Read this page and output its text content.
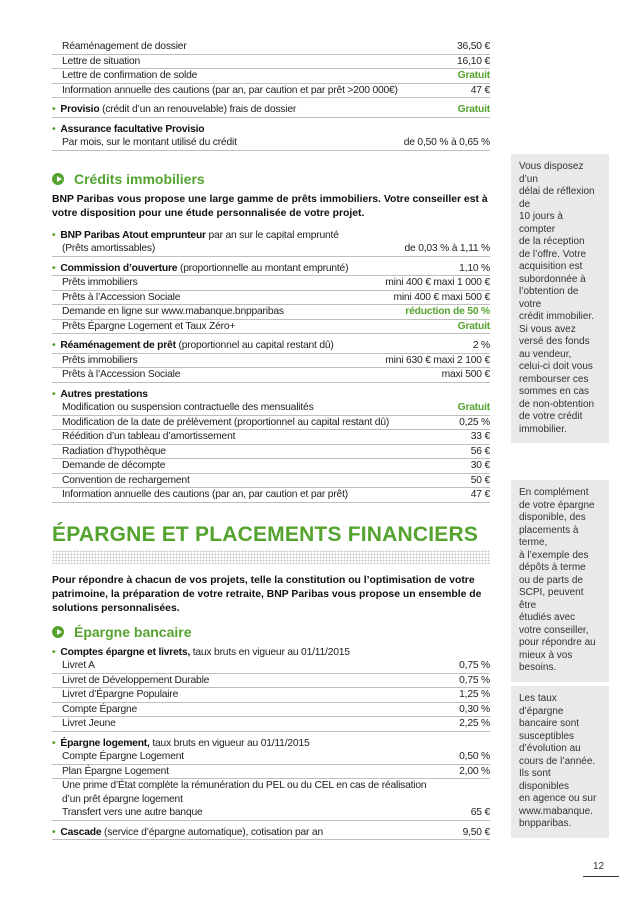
Réaménagement de dossier	36,50 €
Lettre de situation	16,10 €
Lettre de confirmation de solde	Gratuit
Information annuelle des cautions (par an, par caution et par prêt >200 000€)	47 €
• Provisio (crédit d’un an renouvelable) frais de dossier	Gratuit
• Assurance facultative Provisio
Par mois, sur le montant utilisé du crédit	de 0,50 % à 0,65 %
Crédits immobiliers
BNP Paribas vous propose une large gamme de prêts immobiliers. Votre conseiller est à votre disposition pour une étude personnalisée de votre projet.
• BNP Paribas Atout emprunteur par an sur le capital emprunté
(Prêts amortissables)	de 0,03 % à 1,11 %
• Commission d’ouverture (proportionnelle au montant emprunté)	1,10 %
Prêts immobiliers	mini 400 € maxi 1 000 €
Prêts à l’Accession Sociale	mini 400 € maxi 500 €
Demande en ligne sur www.mabanque.bnpparibas	réduction de 50 %
Prêts Épargne Logement et Taux Zéro+	Gratuit
• Réaménagement de prêt (proportionnel au capital restant dû)	2 %
Prêts immobiliers	mini 630 € maxi 2 100 €
Prêts à l’Accession Sociale	maxi 500 €
• Autres prestations
Modification ou suspension contractuelle des mensualités	Gratuit
Modification de la date de prélèvement (proportionnel au capital restant dû)	0,25 %
Réédition d’un tableau d’amortissement	33 €
Radiation d’hypothèque	56 €
Demande de décompte	30 €
Convention de rechargement	50 €
Information annuelle des cautions (par an, par caution et par prêt)	47 €
ÉPARGNE ET PLACEMENTS FINANCIERS
Pour répondre à chacun de vos projets, telle la constitution ou l’optimisation de votre patrimoine, la préparation de votre retraite, BNP Paribas vous propose un ensemble de solutions personnalisées.
Épargne bancaire
• Comptes épargne et livrets, taux bruts en vigueur au 01/11/2015
Livret A	0,75 %
Livret de Développement Durable	0,75 %
Livret d’Épargne Populaire	1,25 %
Compte Épargne	0,30 %
Livret Jeune	2,25 %
• Épargne logement, taux bruts en vigueur au 01/11/2015
Compte Épargne Logement	0,50 %
Plan Épargne Logement	2,00 %
Une prime d’État complète la rémunération du PEL ou du CEL en cas de réalisation
d’un prêt épargne logement
Transfert vers une autre banque	65 €
• Cascade (service d’épargne automatique), cotisation par an	9,50 €
Vous disposez d’un
délai de réflexion de
10 jours à compter
de la réception
de l’offre. Votre
acquisition est
subordonnée à
l’obtention de votre
crédit immobilier.
Si vous avez
versé des fonds
au vendeur,
celui-ci doit vous
rembourser ces
sommes en cas
de non-obtention
de votre crédit
immobilier.
En complément
de votre épargne
disponible, des
placements à terme,
à l’exemple des
dépôts à terme
ou de parts de
SCPI, peuvent être
étudiés avec
votre conseiller,
pour répondre au
mieux à vos besoins.
Les taux d’épargne
bancaire sont
susceptibles
d’évolution au
cours de l’année.
Ils sont disponibles
en agence ou sur
www.mabanque.
bnpparibas.
12
